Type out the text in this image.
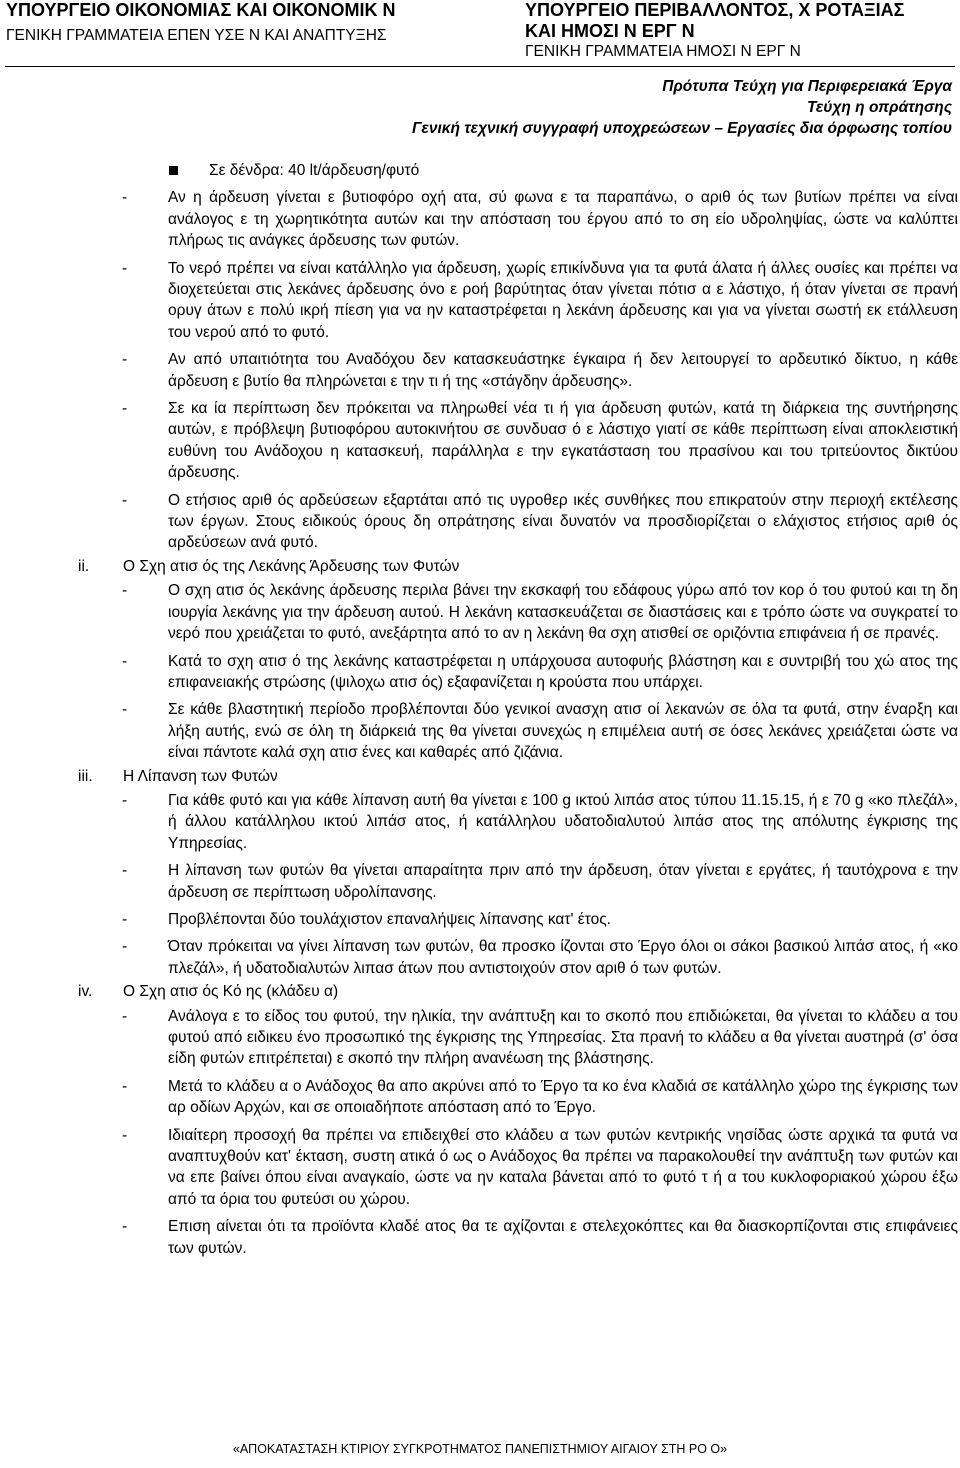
ΥΠΟΥΡΓΕΙΟ ΟΙΚΟΝΟΜΙΑΣ ΚΑΙ ΟΙΚΟΝΟΜΙΚ Ν
ΓΕΝΙΚΗ ΓΡΑΜΜΑΤΕΙΑ ΕΠΕΝ ΥΣΕ Ν ΚΑΙ ΑΝΑΠΤΥΞΗΣ
ΥΠΟΥΡΓΕΙΟ ΠΕΡΙΒΑΛΛΟΝΤΟΣ, Χ ΡΟΤΑΞΙΑΣ
ΚΑΙ ΗΜΟΣΙ Ν ΕΡΓ Ν
ΓΕΝΙΚΗ ΓΡΑΜΜΑΤΕΙΑ ΗΜΟΣΙ Ν ΕΡΓ Ν
Πρότυπα Τεύχη για Περιφερειακά Έργα
Τεύχη η οπράτησης
Γενική τεχνική συγγραφή υποχρεώσεων – Εργασίες δια όρφωσης τοπίου
Σε δένδρα: 40 lt/άρδευση/φυτό
-	Αν η άρδευση γίνεται ε βυτιοφόρο οχή ατα, σύ φωνα ε τα παραπάνω, ο αριθ ός των βυτίων πρέπει να είναι ανάλογος ε τη χωρητικότητα αυτών και την απόσταση του έργου από το ση είο υδροληψίας, ώστε να καλύπτει πλήρως τις ανάγκες άρδευσης των φυτών.
-	Το νερό πρέπει να είναι κατάλληλο για άρδευση, χωρίς επικίνδυνα για τα φυτά άλατα ή άλλες ουσίες και πρέπει να διοχετεύεται στις λεκάνες άρδευσης όνο ε ροή βαρύτητας όταν γίνεται πότισ α ε λάστιχο, ή όταν γίνεται σε πρανή ορυγ άτων ε πολύ ικρή πίεση για να ην καταστρέφεται η λεκάνη άρδευσης και για να γίνεται σωστή εκ ετάλλευση του νερού από το φυτό.
-	Αν από υπαιτιότητα του Αναδόχου δεν κατασκευάστηκε έγκαιρα ή δεν λειτουργεί το αρδευτικό δίκτυο, η κάθε άρδευση ε βυτίο θα πληρώνεται ε την τι ή της «στάγδην άρδευσης».
-	Σε κα ία περίπτωση δεν πρόκειται να πληρωθεί νέα τι ή για άρδευση φυτών, κατά τη διάρκεια της συντήρησης αυτών, ε πρόβλεψη βυτιοφόρου αυτοκινήτου σε συνδυασ ό ε λάστιχο γιατί σε κάθε περίπτωση είναι αποκλειστική ευθύνη του Ανάδοχου η κατασκευή, παράλληλα ε την εγκατάσταση του πρασίνου και του τριτεύοντος δικτύου άρδευσης.
-	Ο ετήσιος αριθ ός αρδεύσεων εξαρτάται από τις υγροθερ ικές συνθήκες που επικρατούν στην περιοχή εκτέλεσης των έργων. Στους ειδικούς όρους δη οπράτησης είναι δυνατόν να προσδιορίζεται ο ελάχιστος ετήσιος αριθ ός αρδεύσεων ανά φυτό.
ii. Ο Σχη ατισ ός της Λεκάνης Άρδευσης των Φυτών
-	Ο σχη ατισ ός λεκάνης άρδευσης περιλα βάνει την εκσκαφή του εδάφους γύρω από τον κορ ό του φυτού και τη δη ιουργία λεκάνης για την άρδευση αυτού. Η λεκάνη κατασκευάζεται σε διαστάσεις και ε τρόπο ώστε να συγκρατεί το νερό που χρειάζεται το φυτό, ανεξάρτητα από το αν η λεκάνη θα σχη ατισθεί σε οριζόντια επιφάνεια ή σε πρανές.
-	Κατά το σχη ατισ ό της λεκάνης καταστρέφεται η υπάρχουσα αυτοφυής βλάστηση και ε συντριβή του χώ ατος της επιφανειακής στρώσης (ψιλοχω ατισ ός) εξαφανίζεται η κρούστα που υπάρχει.
-	Σε κάθε βλαστητική περίοδο προβλέπονται δύο γενικοί ανασχη ατισ οί λεκανών σε όλα τα φυτά, στην έναρξη και λήξη αυτής, ενώ σε όλη τη διάρκειά της θα γίνεται συνεχώς η επιμέλεια αυτή σε όσες λεκάνες χρειάζεται ώστε να είναι πάντοτε καλά σχη ατισ ένες και καθαρές από ζιζάνια.
iii. Η Λίπανση των Φυτών
-	Για κάθε φυτό και για κάθε λίπανση αυτή θα γίνεται ε 100 g ικτού λιπάσ ατος τύπου 11.15.15, ή ε 70 g «κο πλεζάλ», ή άλλου κατάλληλου ικτού λιπάσ ατος, ή κατάλληλου υδατοδιαλυτού λιπάσ ατος της απόλυτης έγκρισης της Υπηρεσίας.
-	Η λίπανση των φυτών θα γίνεται απαραίτητα πριν από την άρδευση, όταν γίνεται ε εργάτες, ή ταυτόχρονα ε την άρδευση σε περίπτωση υδρολίπανσης.
-	Προβλέπονται δύο τουλάχιστον επαναλήψεις λίπανσης κατ' έτος.
-	Όταν πρόκειται να γίνει λίπανση των φυτών, θα προσκο ίζονται στο Έργο όλοι οι σάκοι βασικού λιπάσ ατος, ή «κο πλεζάλ», ή υδατοδιαλυτών λιπασ άτων που αντιστοιχούν στον αριθ ό των φυτών.
iv. Ο Σχη ατισ ός Κό ης (κλάδευ α)
-	Ανάλογα ε το είδος του φυτού, την ηλικία, την ανάπτυξη και το σκοπό που επιδιώκεται, θα γίνεται το κλάδευ α του φυτού από ειδικευ ένο προσωπικό της έγκρισης της Υπηρεσίας. Στα πρανή το κλάδευ α θα γίνεται αυστηρά (σ' όσα είδη φυτών επιτρέπεται) ε σκοπό την πλήρη ανανέωση της βλάστησης.
-	Μετά το κλάδευ α ο Ανάδοχος θα απο ακρύνει από το Έργο τα κο ένα κλαδιά σε κατάλληλο χώρο της έγκρισης των αρ οδίων Αρχών, και σε οποιαδήποτε απόσταση από το Έργο.
-	Ιδιαίτερη προσοχή θα πρέπει να επιδειχθεί στο κλάδευ α των φυτών κεντρικής νησίδας ώστε αρχικά τα φυτά να αναπτυχθούν κατ' έκταση, συστη ατικά ό ως ο Ανάδοχος θα πρέπει να παρακολουθεί την ανάπτυξη των φυτών και να επε βαίνει όπου είναι αναγκαίο, ώστε να ην καταλα βάνεται από το φυτό τ ή α του κυκλοφοριακού χώρου έξω από τα όρια του φυτεύσι ου χώρου.
-	Επιση αίνεται ότι τα προϊόντα κλαδέ ατος θα τε αχίζονται ε στελεχοκόπτες και θα διασκορπίζονται στις επιφάνειες των φυτών.
«ΑΠΟΚΑΤΑΣΤΑΣΗ ΚΤΙΡΙΟΥ ΣΥΓΚΡΟΤΗΜΑΤΟΣ ΠΑΝΕΠΙΣΤΗΜΙΟΥ ΑΙΓΑΙΟΥ ΣΤΗ ΡΟ Ο»
